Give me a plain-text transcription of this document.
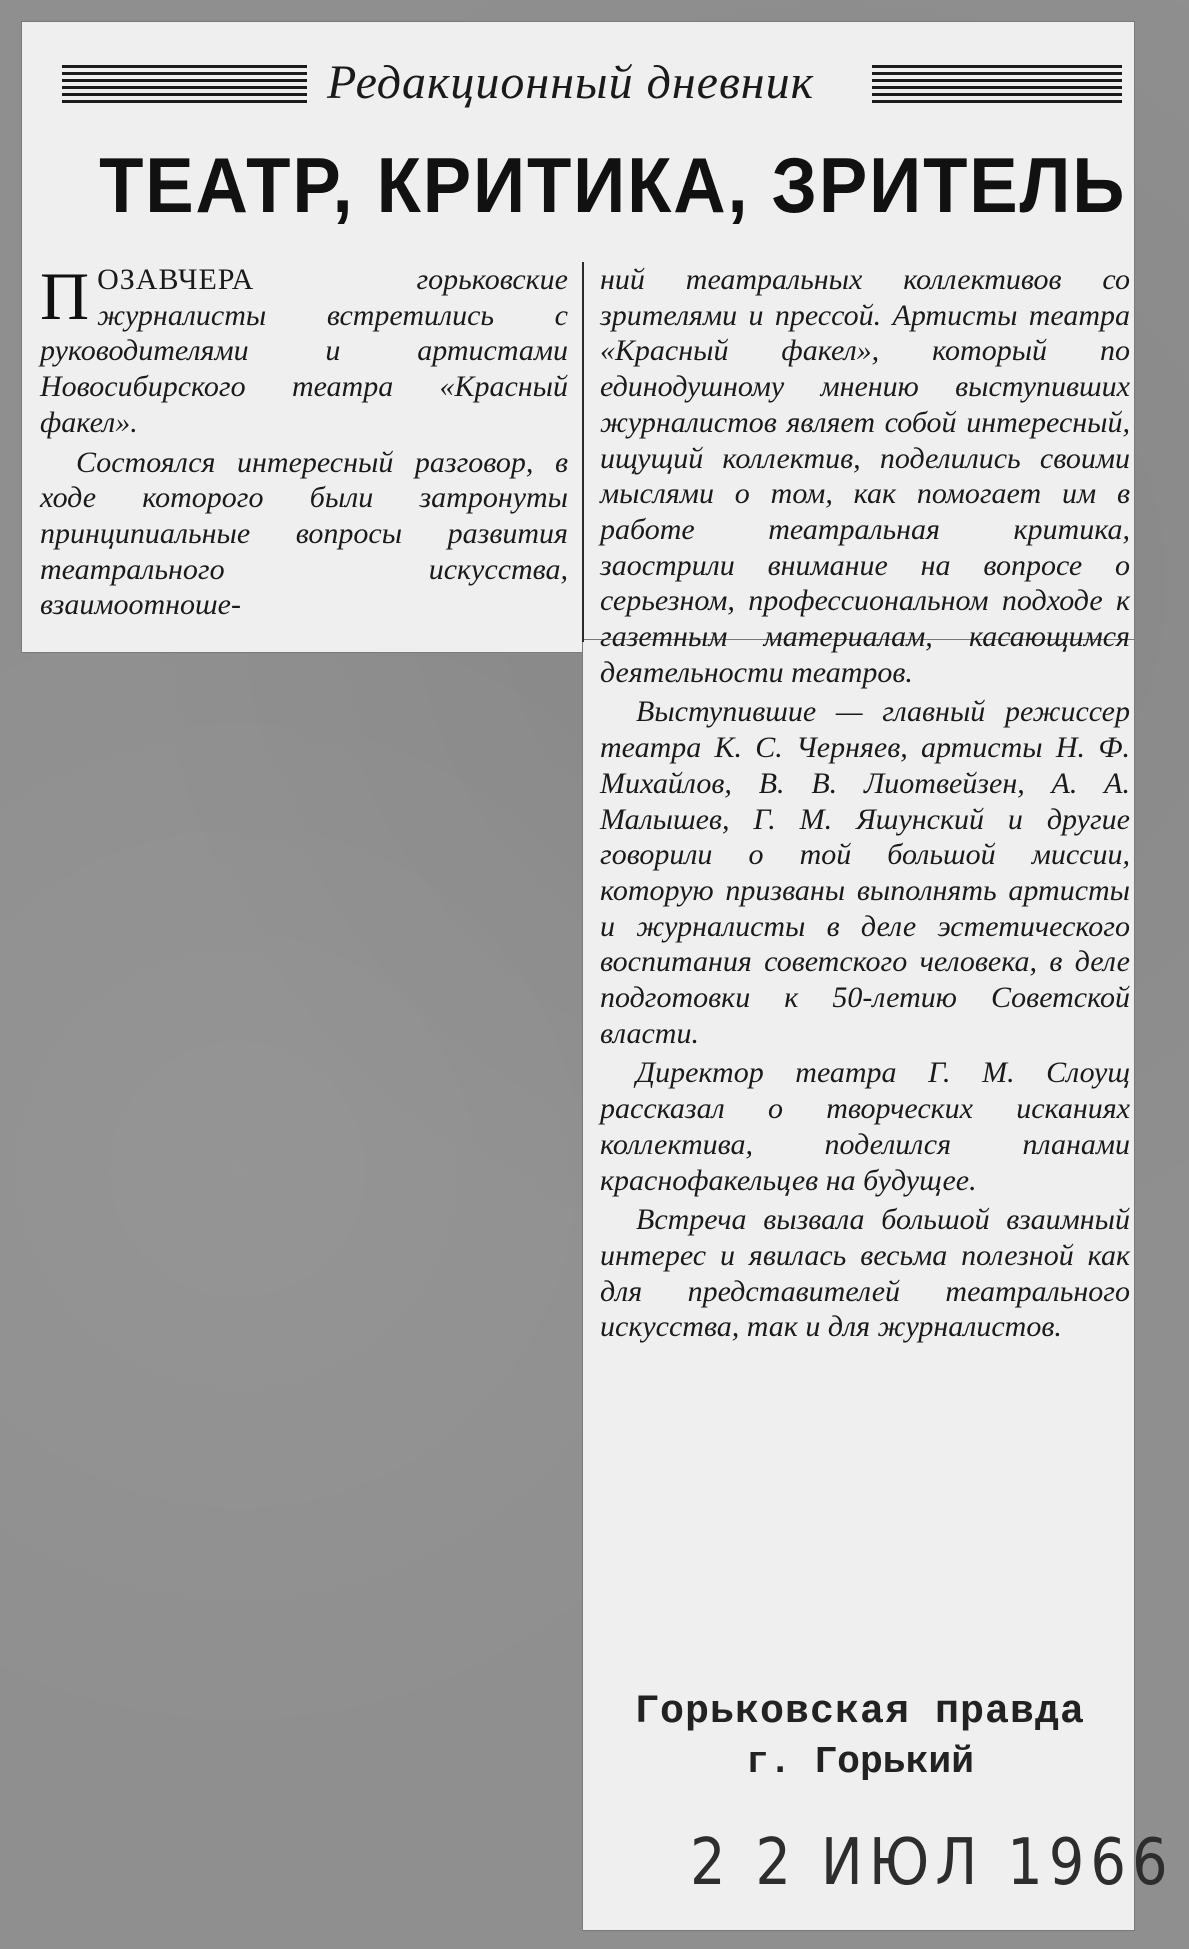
Редакционный дневник
ТЕАТР, КРИТИКА, ЗРИТЕЛЬ

ПОЗАВЧЕРА горьковские журналисты встретились с руководителями и артистами Новосибирского театра «Красный факел».

Состоялся интересный разговор, в ходе которого были затронуты принципиальные вопросы развития театрального искусства, взаимоотноше-

ний театральных коллективов со зрителями и прессой. Артисты театра «Красный факел», который по единодушному мнению выступивших журналистов являет собой интересный, ищущий коллектив, поделились своими мыслями о том, как помогает им в работе театральная критика, заострили внимание на вопросе о серьезном, профессиональном подходе к газетным материалам, касающимся деятельности театров.

Выступившие — главный режиссер театра К. С. Черняев, артисты Н. Ф. Михайлов, В. В. Лиотвейзен, А. А. Малышев, Г. М. Яшунский и другие говорили о той большой миссии, которую призваны выполнять артисты и журналисты в деле эстетического воспитания советского человека, в деле подготовки к 50-летию Советской власти.

Директор театра Г. М. Слоущ рассказал о творческих исканиях коллектива, поделился планами краснофакельцев на будущее.

Встреча вызвала большой взаимный интерес и явилась весьма полезной как для представителей театрального искусства, так и для журналистов.

Горьковская правда
г. Горький
2 2 ИЮЛ 1966
